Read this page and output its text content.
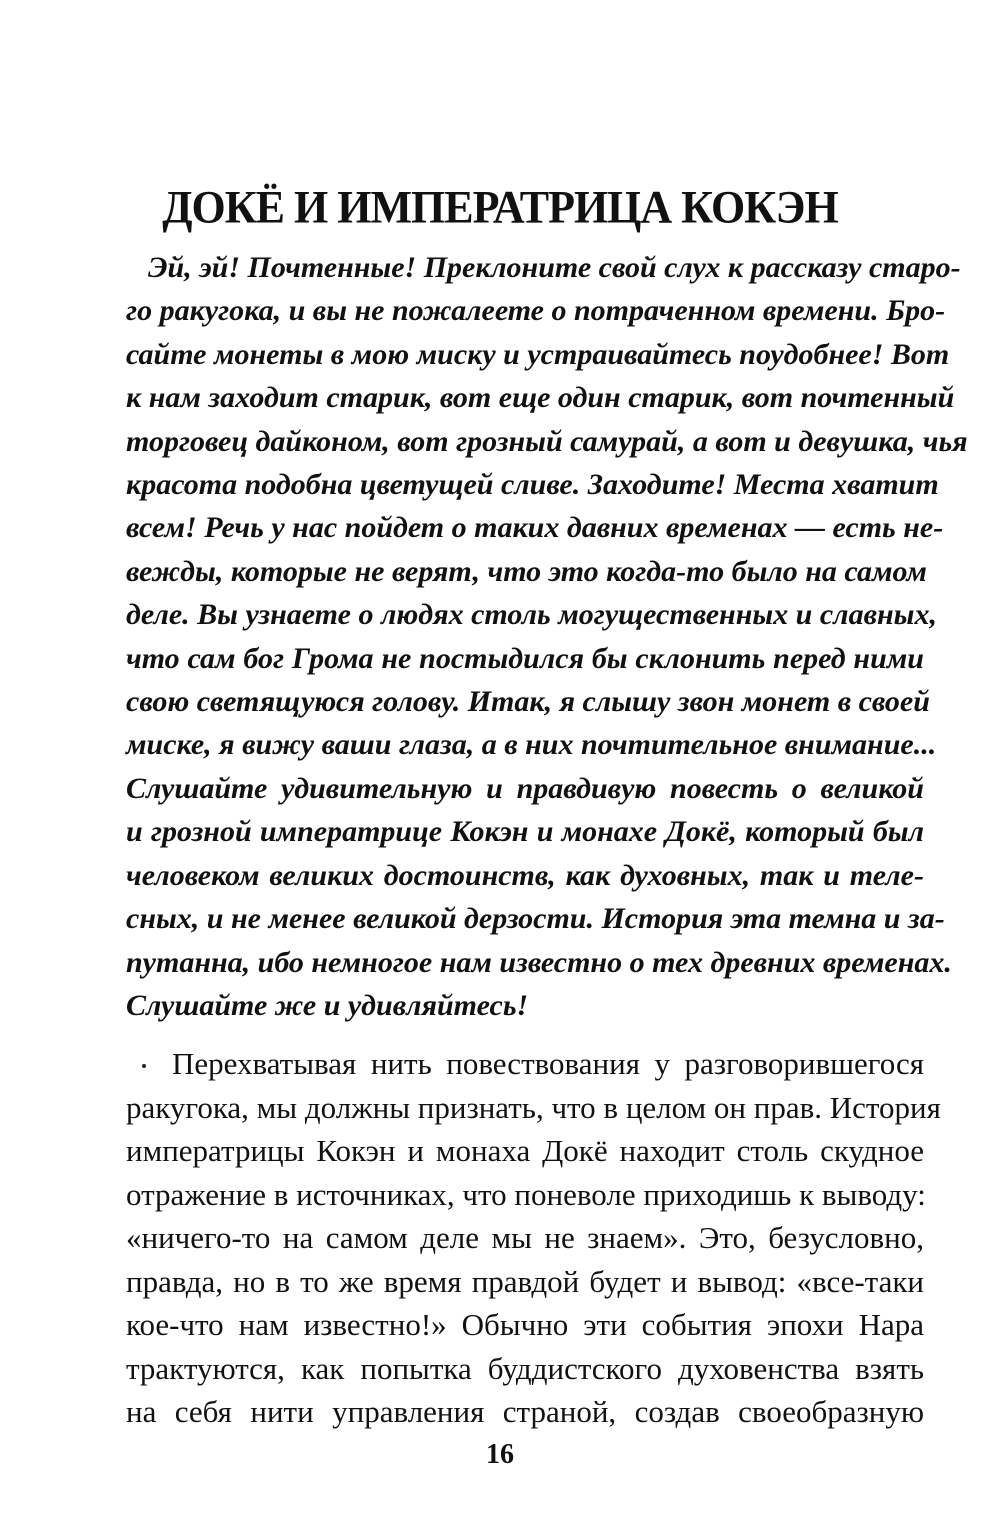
ДОКЁ И ИМПЕРАТРИЦА КОКЭН
Эй, эй! Почтенные! Преклоните свой слух к рассказу старо-
го ракугока, и вы не пожалеете о потраченном времени. Бро-
сайте монеты в мою миску и устраивайтесь поудобнее! Вот
к нам заходит старик, вот еще один старик, вот почтенный
торговец дайконом, вот грозный самурай, а вот и девушка, чья
красота подобна цветущей сливе. Заходите! Места хватит
всем! Речь у нас пойдет о таких давних временах — есть не-
вежды, которые не верят, что это когда-то было на самом
деле. Вы узнаете о людях столь могущественных и славных,
что сам бог Грома не постыдился бы склонить перед ними
свою светящуюся голову. Итак, я слышу звон монет в своей
миске, я вижу ваши глаза, а в них почтительное внимание...
Слушайте удивительную и правдивую повесть о великой
и грозной императрице Кокэн и монахе Докё, который был
человеком великих достоинств, как духовных, так и теле-
сных, и не менее великой дерзости. История эта темна и за-
путанна, ибо немногое нам известно о тех древних временах.
Слушайте же и удивляйтесь!
Перехватывая нить повествования у разговорившегося
ракугока, мы должны признать, что в целом он прав. История
императрицы Кокэн и монаха Докё находит столь скудное
отражение в источниках, что поневоле приходишь к выводу:
«ничего-то на самом деле мы не знаем». Это, безусловно,
правда, но в то же время правдой будет и вывод: «все-таки
кое-что нам известно!» Обычно эти события эпохи Нара
трактуются, как попытка буддистского духовенства взять
на себя нити управления страной, создав своеобразную
16
